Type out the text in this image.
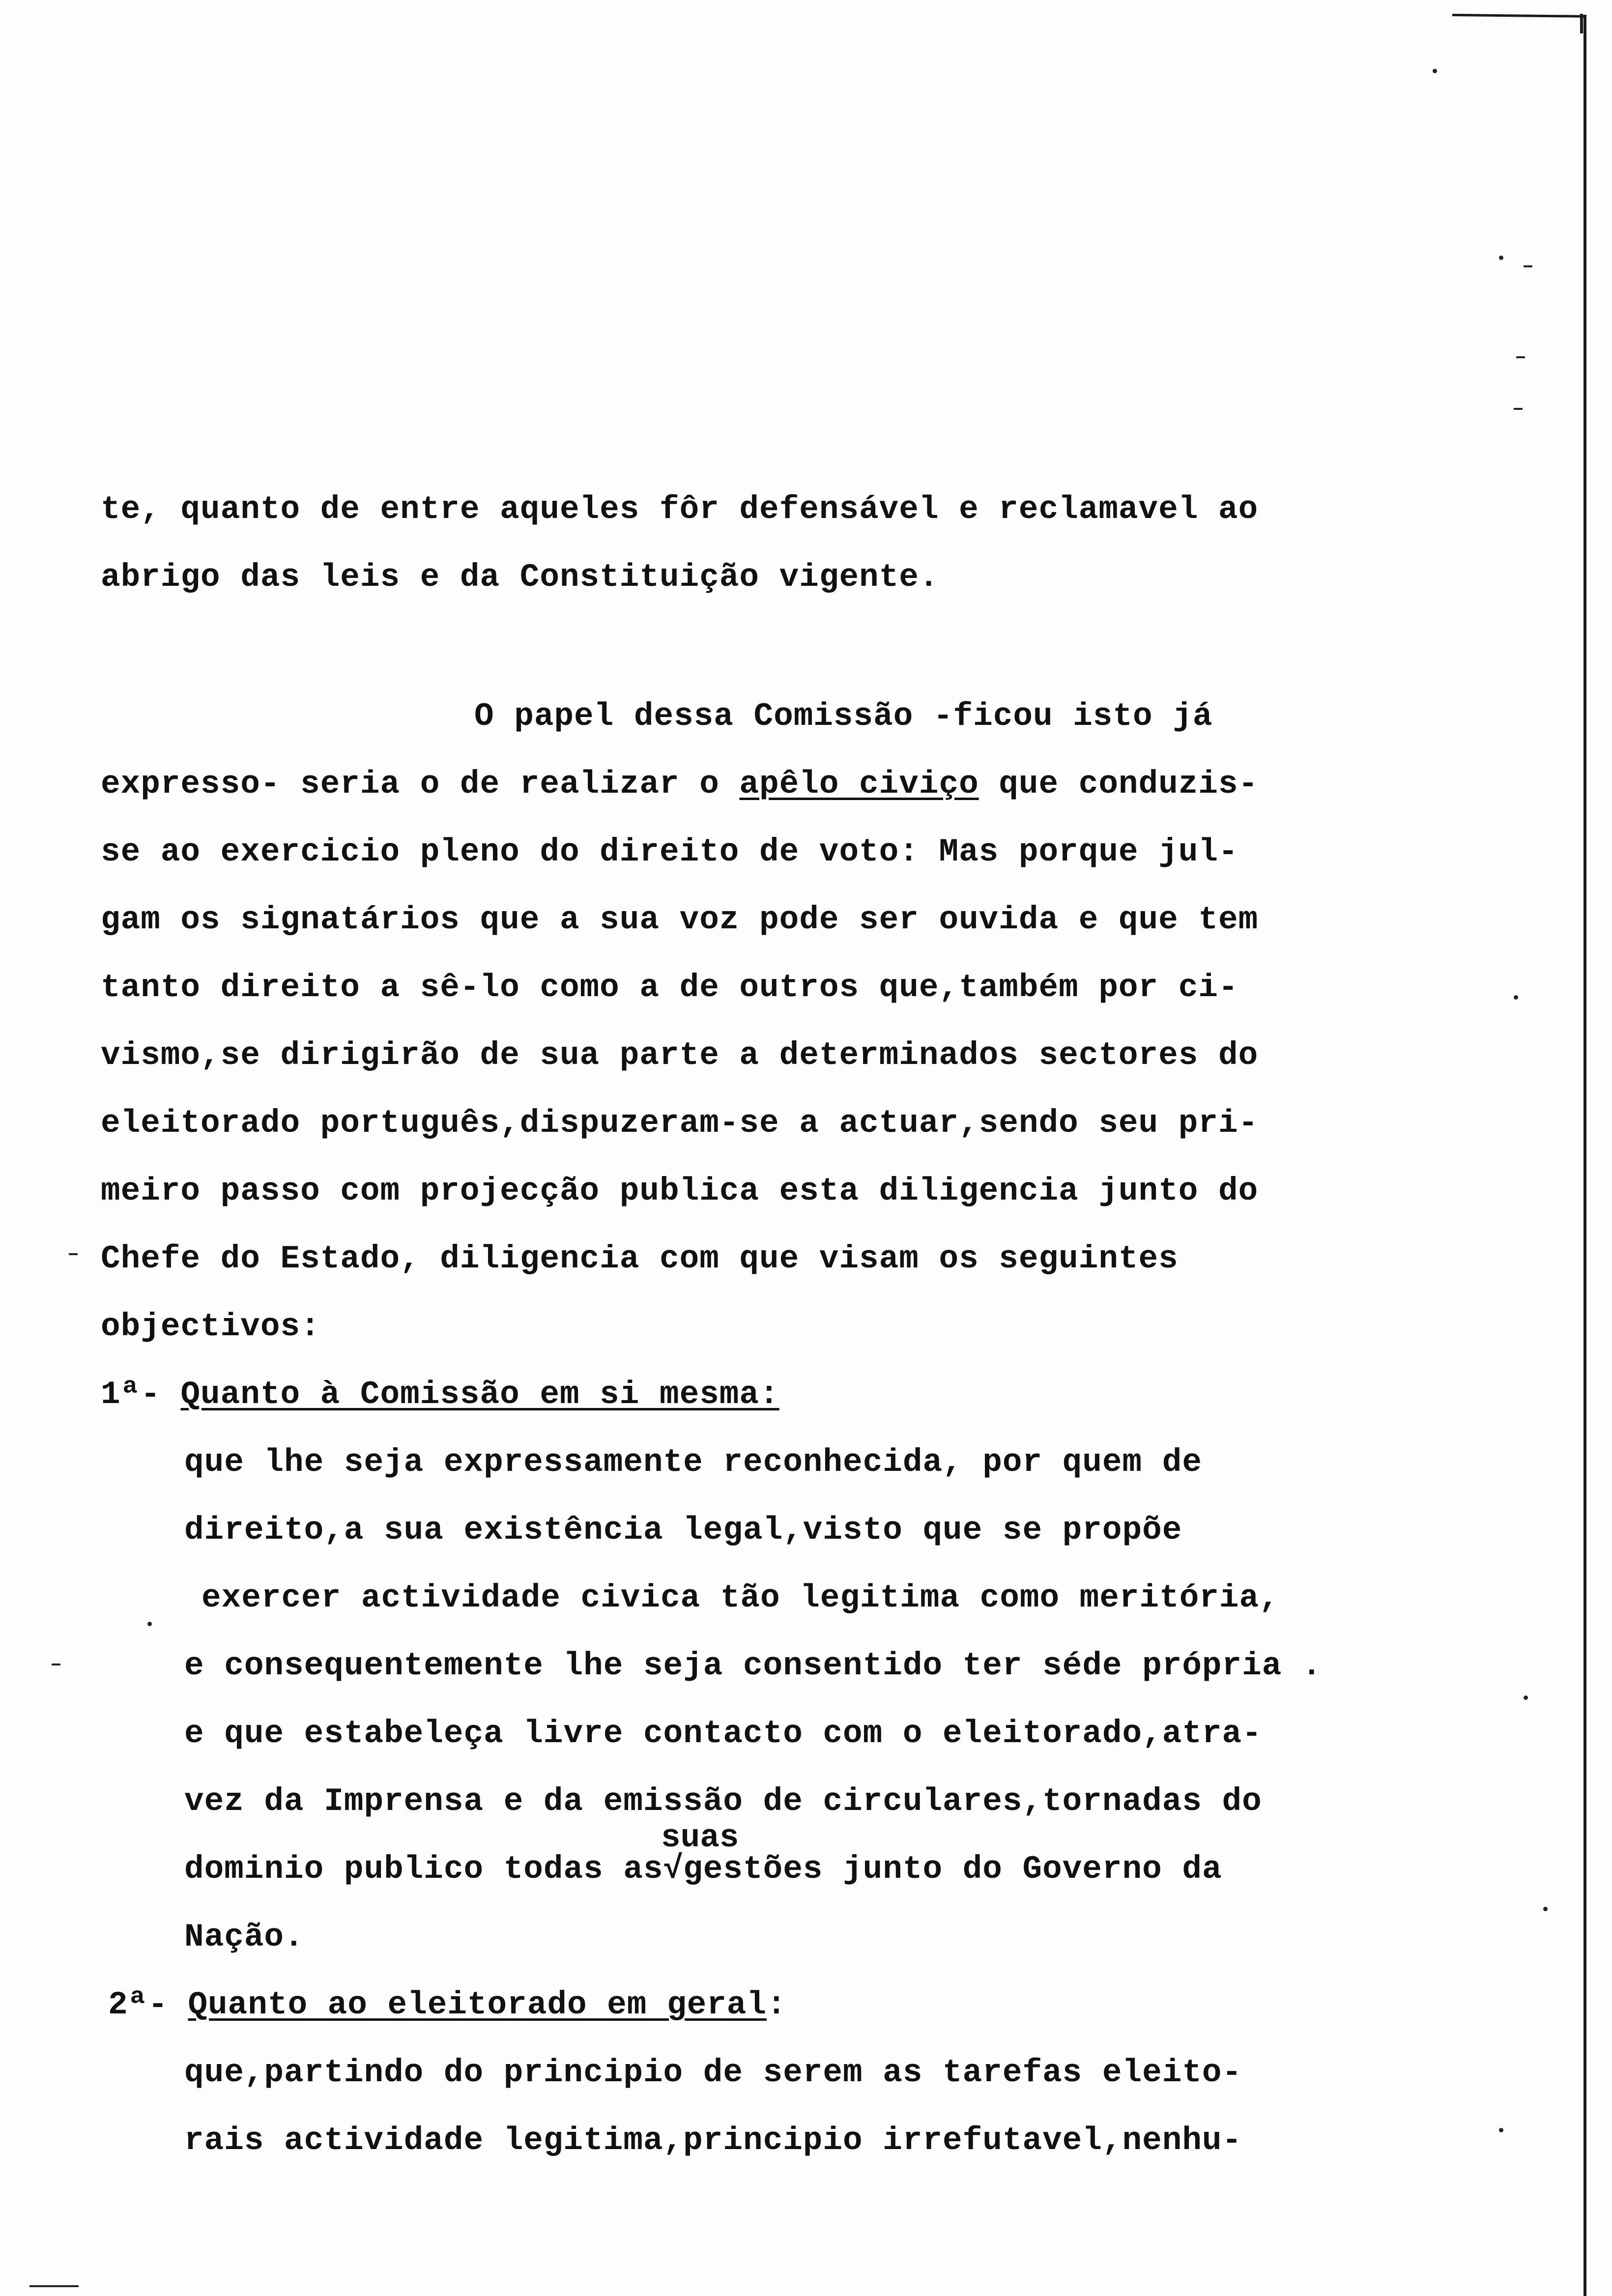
te, quanto de entre aqueles fôr defensável e reclamavel ao
abrigo das leis e da Constituição vigente.
O papel dessa Comissão -ficou isto já
expresso- seria o de realizar o apêlo civiço que conduzis-
se ao exercicio pleno do direito de voto: Mas porque jul-
gam os signatários que a sua voz pode ser ouvida e que tem
tanto direito a sê-lo como a de outros que,também por ci-
vismo,se dirigirão de sua parte a determinados sectores do
eleitorado português,dispuzeram-se a actuar,sendo seu pri-
meiro passo com projecção publica esta diligencia junto do
Chefe do Estado, diligencia com que visam os seguintes
objectivos:
1ª- Quanto à Comissão em si mesma:
que lhe seja expressamente reconhecida, por quem de
direito,a sua existência legal,visto que se propõe
exercer actividade civica tão legitima como meritória,
e consequentemente lhe seja consentido ter séde própria .
e que estabeleça livre contacto com o eleitorado,atra-
vez da Imprensa e da emissão de circulares,tornadas do
suas
dominio publico todas as√gestões junto do Governo da
Nação.
2ª- Quanto ao eleitorado em geral:
que,partindo do principio de serem as tarefas eleito-
rais actividade legitima,principio irrefutavel,nenhu-
